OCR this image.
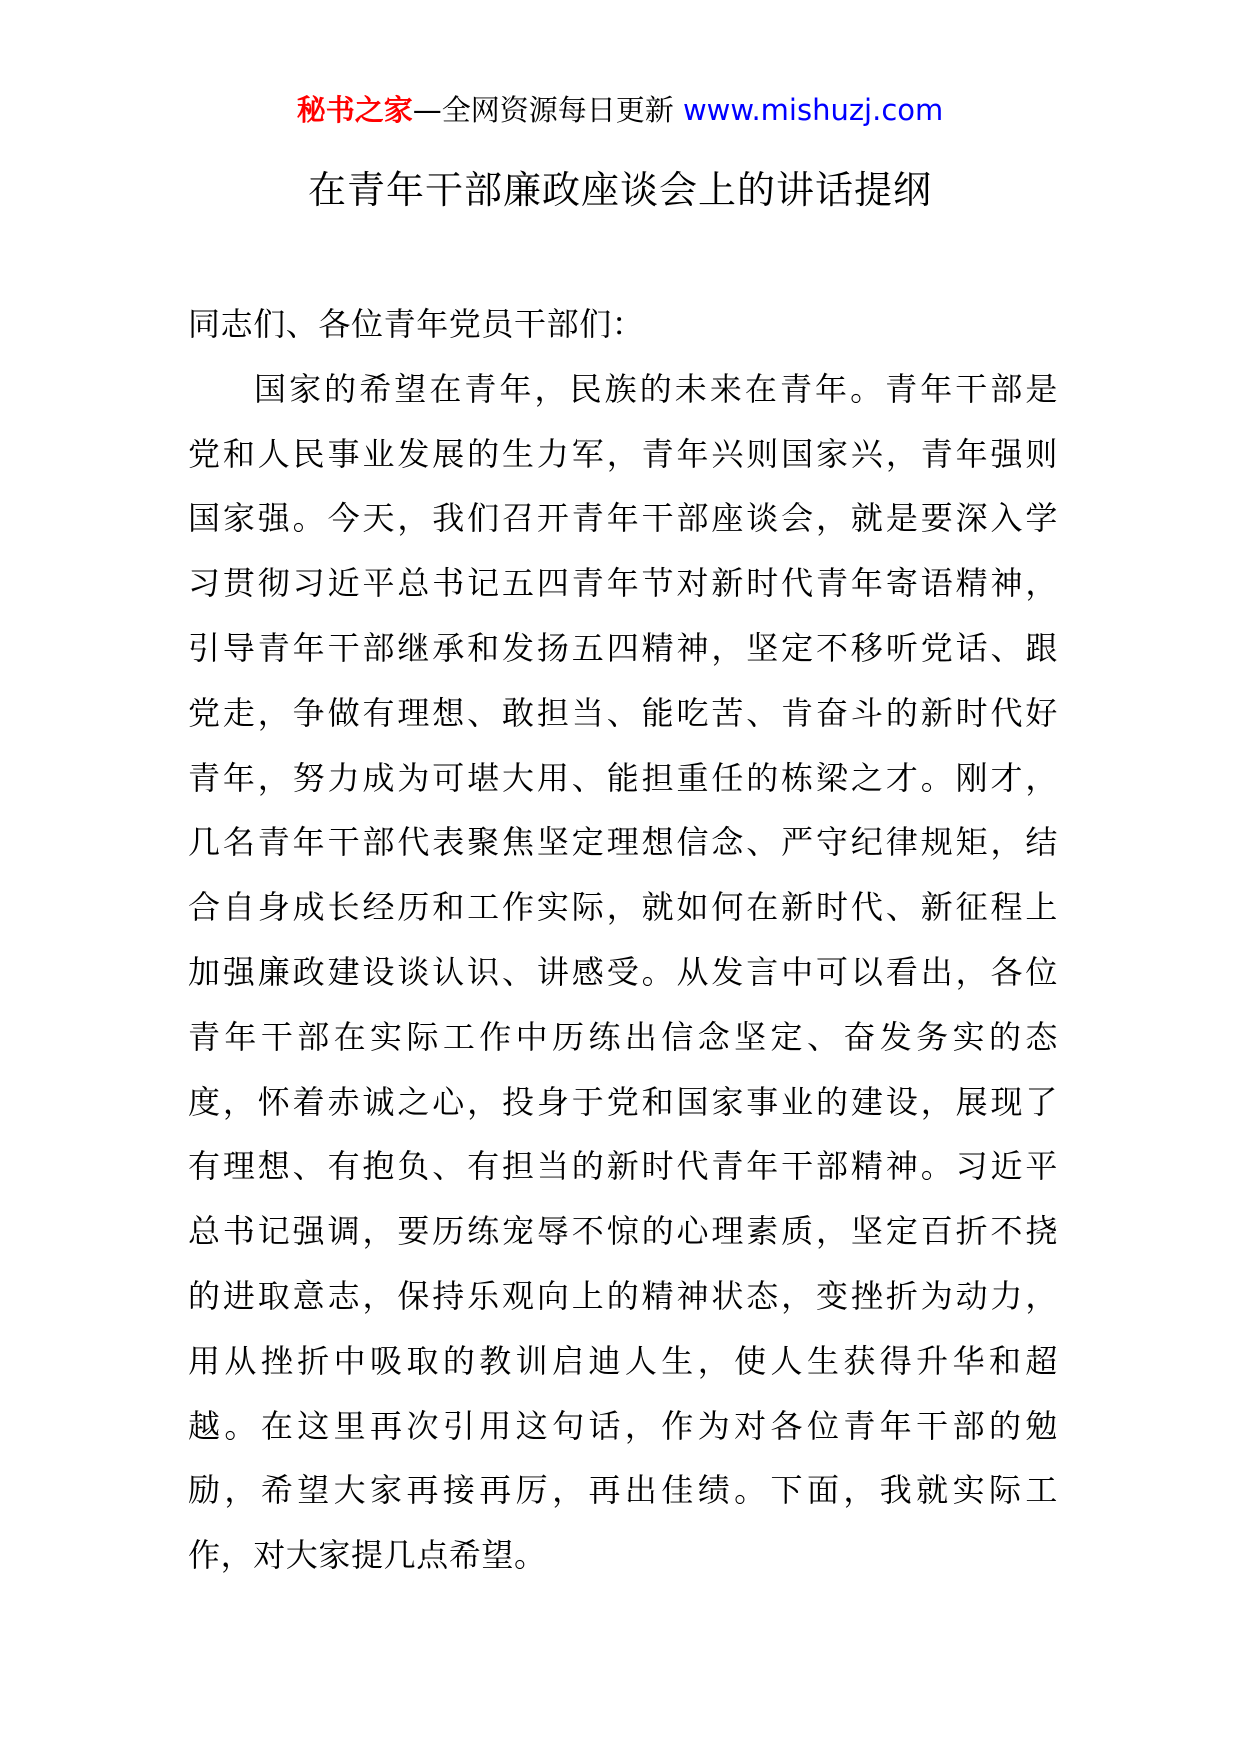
秘书之家—全网资源每日更新 www.mishuzj.com
在青年干部廉政座谈会上的讲话提纲
同志们、各位青年党员干部们：
国家的希望在青年，民族的未来在青年。青年干部是
党和人民事业发展的生力军，青年兴则国家兴，青年强则
国家强。今天，我们召开青年干部座谈会，就是要深入学
习贯彻习近平总书记五四青年节对新时代青年寄语精神，
引导青年干部继承和发扬五四精神，坚定不移听党话、跟
党走，争做有理想、敢担当、能吃苦、肯奋斗的新时代好
青年，努力成为可堪大用、能担重任的栋梁之才。刚才，
几名青年干部代表聚焦坚定理想信念、严守纪律规矩，结
合自身成长经历和工作实际，就如何在新时代、新征程上
加强廉政建设谈认识、讲感受。从发言中可以看出，各位
青年干部在实际工作中历练出信念坚定、奋发务实的态
度，怀着赤诚之心，投身于党和国家事业的建设，展现了
有理想、有抱负、有担当的新时代青年干部精神。习近平
总书记强调，要历练宠辱不惊的心理素质，坚定百折不挠
的进取意志，保持乐观向上的精神状态，变挫折为动力，
用从挫折中吸取的教训启迪人生，使人生获得升华和超
越。在这里再次引用这句话，作为对各位青年干部的勉
励，希望大家再接再厉，再出佳绩。下面，我就实际工
作，对大家提几点希望。
